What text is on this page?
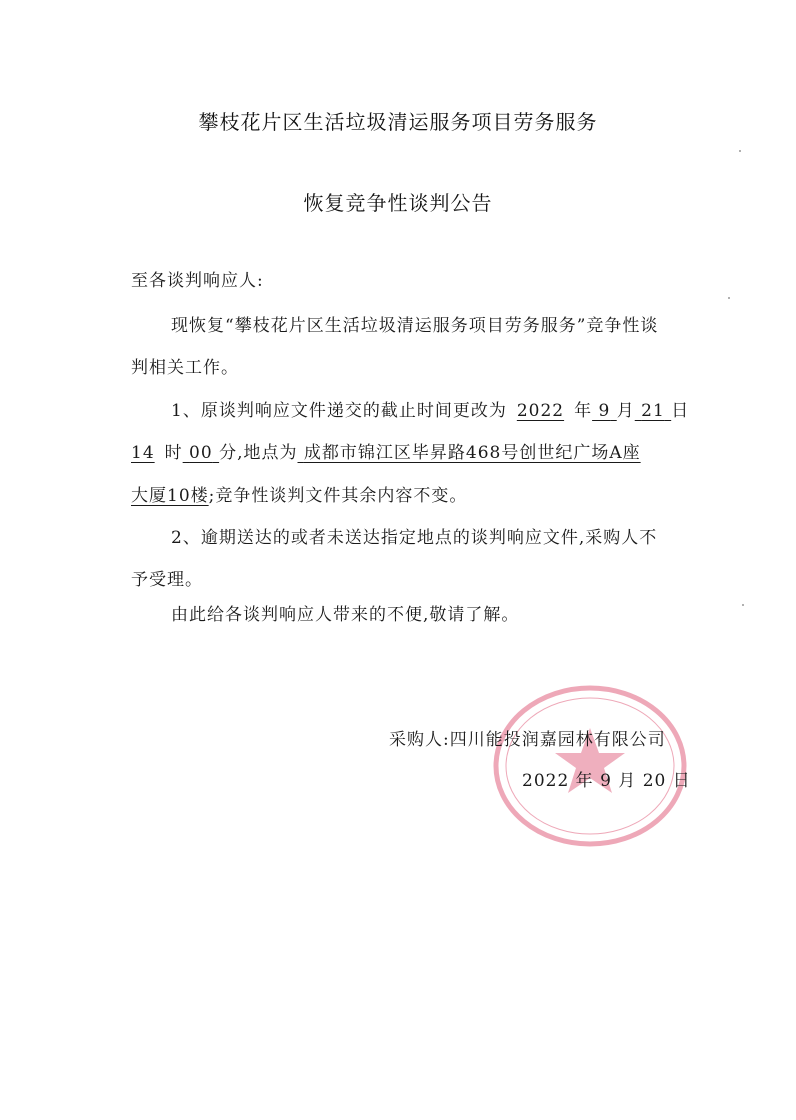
攀枝花片区生活垃圾清运服务项目劳务服务
恢复竞争性谈判公告
至各谈判响应人:
现恢复“攀枝花片区生活垃圾清运服务项目劳务服务”竞争性谈
判相关工作。
1、原谈判响应文件递交的截止时间更改为 2022 年 9 月 21 日
14 时 00 分,地点为 成都市锦江区毕昇路468号创世纪广场A座
大厦10楼;竞争性谈判文件其余内容不变。
2、逾期送达的或者未送达指定地点的谈判响应文件,采购人不
予受理。
由此给各谈判响应人带来的不便,敬请了解。
采购人:四川能投润嘉园林有限公司
2022 年 9 月 20 日
